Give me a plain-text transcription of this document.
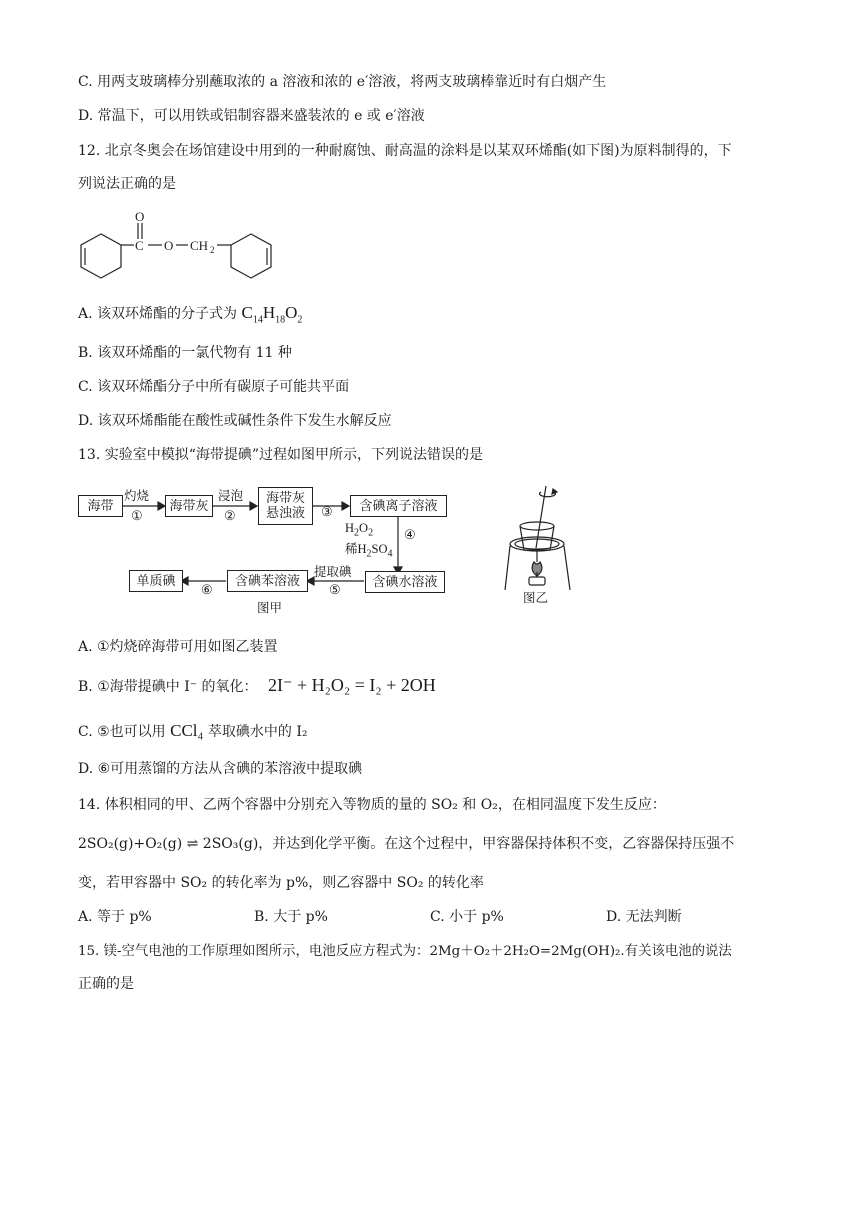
C. 用两支玻璃棒分别蘸取浓的 a 溶液和浓的 e′溶液，将两支玻璃棒靠近时有白烟产生
D. 常温下，可以用铁或铝制容器来盛装浓的 e 或 e′溶液
12. 北京冬奥会在场馆建设中用到的一种耐腐蚀、耐高温的涂料是以某双环烯酯(如下图)为原料制得的，下
列说法正确的是
O
C O CH 2
A. 该双环烯酯的分子式为 $C_{14}H_{18}O_2$
B. 该双环烯酯的一氯代物有 11 种
C. 该双环烯酯分子中所有碳原子可能共平面
D. 该双环烯酯能在酸性或碱性条件下发生水解反应
13. 实验室中模拟“海带提碘”过程如图甲所示，下列说法错误的是
海带	海带灰	海带灰
悬浊液	含碘离子溶液
含碘水溶液
含碘苯溶液
单质碘
灼烧
①
浸泡
②	③
$H_2O_2$
稀$H_2SO_4$
④
提取碘
⑤
⑥
图甲
图乙
A. ①灼烧碎海带可用如图乙装置
B. ①海带提碘中 I⁻ 的氧化： 2I⁻ + H₂O₂ = I₂ + 2OH
C. ⑤也可以用 CCl₄ 萃取碘水中的 I₂
D. ⑥可用蒸馏的方法从含碘的苯溶液中提取碘
14. 体积相同的甲、乙两个容器中分别充入等物质的量的 SO₂ 和 O₂，在相同温度下发生反应：
2SO₂(g)+O₂(g) ⇌ 2SO₃(g)，并达到化学平衡。在这个过程中，甲容器保持体积不变，乙容器保持压强不
变，若甲容器中 SO₂ 的转化率为 p%，则乙容器中 SO₂ 的转化率
A. 等于 p%	B. 大于 p%	C. 小于 p%	D. 无法判断
15. 镁-空气电池的工作原理如图所示，电池反应方程式为：2Mg＋O₂＋2H₂O=2Mg(OH)₂.有关该电池的说法
正确的是
